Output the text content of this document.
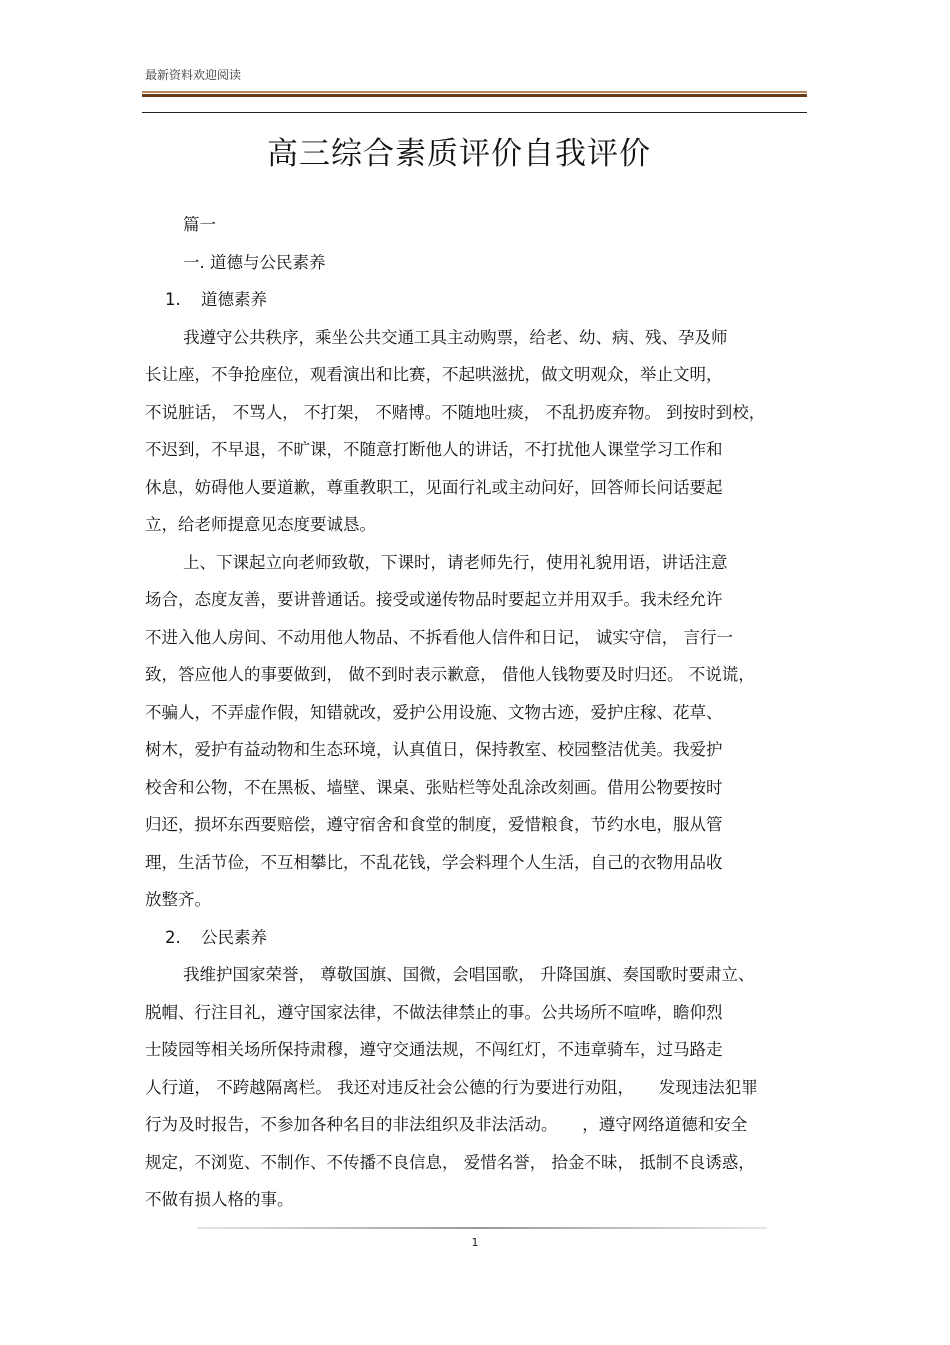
最新资料欢迎阅读
高三综合素质评价自我评价
篇一
一. 道德与公民素养
1. 道德素养
我遵守公共秩序，乘坐公共交通工具主动购票，给老、幼、病、残、孕及师
长让座，不争抢座位，观看演出和比赛，不起哄滋扰，做文明观众，举止文明，
不说脏话， 不骂人， 不打架， 不赌博。不随地吐痰， 不乱扔废弃物。 到按时到校，
不迟到，不早退，不旷课，不随意打断他人的讲话，不打扰他人课堂学习工作和
休息，妨碍他人要道歉，尊重教职工，见面行礼或主动问好，回答师长问话要起
立，给老师提意见态度要诚恳。
上、下课起立向老师致敬，下课时，请老师先行，使用礼貌用语，讲话注意
场合，态度友善，要讲普通话。接受或递传物品时要起立并用双手。我未经允许
不进入他人房间、不动用他人物品、不拆看他人信件和日记， 诚实守信， 言行一
致，答应他人的事要做到， 做不到时表示歉意， 借他人钱物要及时归还。 不说谎，
不骗人，不弄虚作假，知错就改，爱护公用设施、文物古迹，爱护庄稼、花草、
树木，爱护有益动物和生态环境，认真值日，保持教室、校园整洁优美。我爱护
校舍和公物，不在黑板、墙壁、课桌、张贴栏等处乱涂改刻画。借用公物要按时
归还，损坏东西要赔偿，遵守宿舍和食堂的制度，爱惜粮食，节约水电，服从管
理，生活节俭，不互相攀比，不乱花钱，学会料理个人生活，自己的衣物用品收
放整齐。
2. 公民素养
我维护国家荣誉， 尊敬国旗、国微，会唱国歌， 升降国旗、奏国歌时要肃立、
脱帽、行注目礼，遵守国家法律，不做法律禁止的事。公共场所不喧哗，瞻仰烈
士陵园等相关场所保持肃穆，遵守交通法规，不闯红灯，不违章骑车，过马路走
人行道， 不跨越隔离栏。 我还对违反社会公德的行为要进行劝阻，　　发现违法犯罪
行为及时报告，不参加各种名目的非法组织及非法活动。　　，遵守网络道德和安全
规定，不浏览、不制作、不传播不良信息， 爱惜名誉， 拾金不昧， 抵制不良诱惑，
不做有损人格的事。
1
